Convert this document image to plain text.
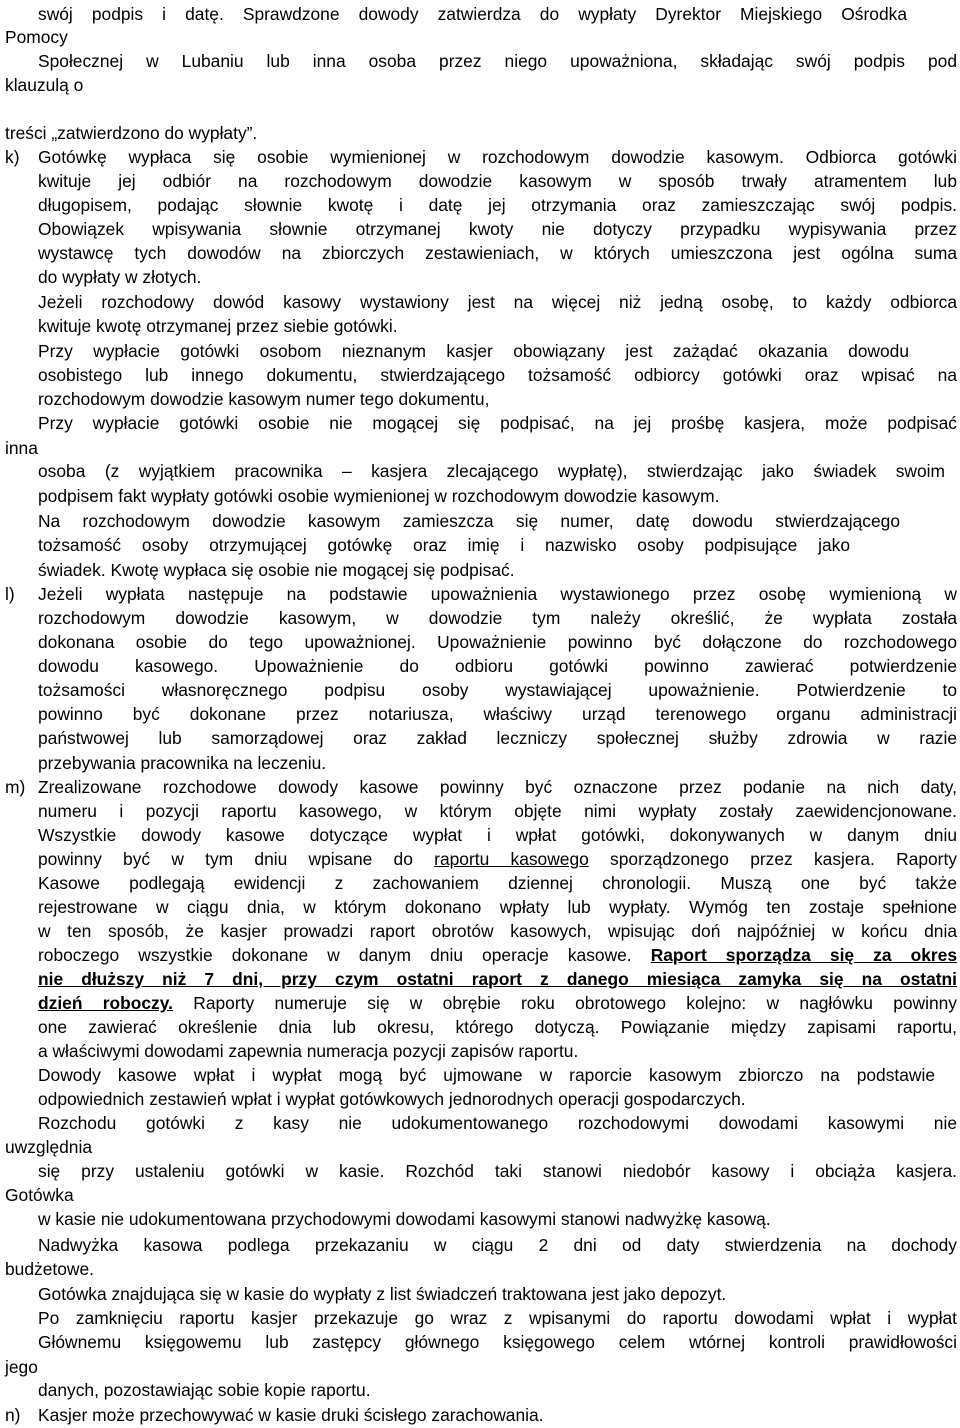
swój podpis i datę. Sprawdzone dowody zatwierdza do wypłaty Dyrektor Miejskiego Ośrodka
Pomocy
Społecznej w Lubaniu lub inna osoba przez niego upoważniona, składając swój podpis pod
klauzulą o
treści „zatwierdzono do wypłaty”.
k) Gotówkę wypłaca się osobie wymienionej w rozchodowym dowodzie kasowym. Odbiorca gotówki
kwituje jej odbiór na rozchodowym dowodzie kasowym w sposób trwały atramentem lub
długopisem, podając słownie kwotę i datę jej otrzymania oraz zamieszczając swój podpis.
Obowiązek wpisywania słownie otrzymanej kwoty nie dotyczy przypadku wypisywania przez
wystawcę tych dowodów na zbiorczych zestawieniach, w których umieszczona jest ogólna suma
do wypłaty w złotych.
Jeżeli rozchodowy dowód kasowy wystawiony jest na więcej niż jedną osobę, to każdy odbiorca
kwituje kwotę otrzymanej przez siebie gotówki.
Przy wypłacie gotówki osobom nieznanym kasjer obowiązany jest zażądać okazania dowodu
osobistego lub innego dokumentu, stwierdzającego tożsamość odbiorcy gotówki oraz wpisać na
rozchodowym dowodzie kasowym numer tego dokumentu,
Przy wypłacie gotówki osobie nie mogącej się podpisać, na jej prośbę kasjera, może podpisać
inna
osoba (z wyjątkiem pracownika – kasjera zlecającego wypłatę), stwierdzając jako świadek swoim
podpisem fakt wypłaty gotówki osobie wymienionej w rozchodowym dowodzie kasowym.
Na rozchodowym dowodzie kasowym zamieszcza się numer, datę dowodu stwierdzającego
tożsamość osoby otrzymującej gotówkę oraz imię i nazwisko osoby podpisujące jako
świadek. Kwotę wypłaca się osobie nie mogącej się podpisać.
l) Jeżeli wypłata następuje na podstawie upoważnienia wystawionego przez osobę wymienioną w
rozchodowym dowodzie kasowym, w dowodzie tym należy określić, że wypłata została
dokonana osobie do tego upoważnionej. Upoważnienie powinno być dołączone do rozchodowego
dowodu kasowego. Upoważnienie do odbioru gotówki powinno zawierać potwierdzenie
tożsamości własnoręcznego podpisu osoby wystawiającej upoważnienie. Potwierdzenie to
powinno być dokonane przez notariusza, właściwy urząd terenowego organu administracji
państwowej lub samorządowej oraz zakład leczniczy społecznej służby zdrowia w razie
przebywania pracownika na leczeniu.
m) Zrealizowane rozchodowe dowody kasowe powinny być oznaczone przez podanie na nich daty,
numeru i pozycji raportu kasowego, w którym objęte nimi wypłaty zostały zaewidencjonowane.
Wszystkie dowody kasowe dotyczące wypłat i wpłat gotówki, dokonywanych w danym dniu
powinny być w tym dniu wpisane do raportu kasowego sporządzonego przez kasjera. Raporty
Kasowe podlegają ewidencji z zachowaniem dziennej chronologii. Muszą one być także
rejestrowane w ciągu dnia, w którym dokonano wpłaty lub wypłaty. Wymóg ten zostaje spełnione
w ten sposób, że kasjer prowadzi raport obrotów kasowych, wpisując doń najpóźniej w końcu dnia
roboczego wszystkie dokonane w danym dniu operacje kasowe. Raport sporządza się za okres
nie dłuższy niż 7 dni, przy czym ostatni raport z danego miesiąca zamyka się na ostatni
dzień roboczy. Raporty numeruje się w obrębie roku obrotowego kolejno: w nagłówku powinny
one zawierać określenie dnia lub okresu, którego dotyczą. Powiązanie między zapisami raportu,
a właściwymi dowodami zapewnia numeracja pozycji zapisów raportu.
Dowody kasowe wpłat i wypłat mogą być ujmowane w raporcie kasowym zbiorczo na podstawie
odpowiednich zestawień wpłat i wypłat gotówkowych jednorodnych operacji gospodarczych.
Rozchodu gotówki z kasy nie udokumentowanego rozchodowymi dowodami kasowymi nie
uwzględnia
się przy ustaleniu gotówki w kasie. Rozchód taki stanowi niedobór kasowy i obciąża kasjera.
Gotówka
w kasie nie udokumentowana przychodowymi dowodami kasowymi stanowi nadwyżkę kasową.
Nadwyżka kasowa podlega przekazaniu w ciągu 2 dni od daty stwierdzenia na dochody
budżetowe.
Gotówka znajdująca się w kasie do wypłaty z list świadczeń traktowana jest jako depozyt.
Po zamknięciu raportu kasjer przekazuje go wraz z wpisanymi do raportu dowodami wpłat i wypłat
Głównemu księgowemu lub zastępcy głównego księgowego celem wtórnej kontroli prawidłowości
jego
danych, pozostawiając sobie kopie raportu.
n) Kasjer może przechowywać w kasie druki ścisłego zarachowania.
